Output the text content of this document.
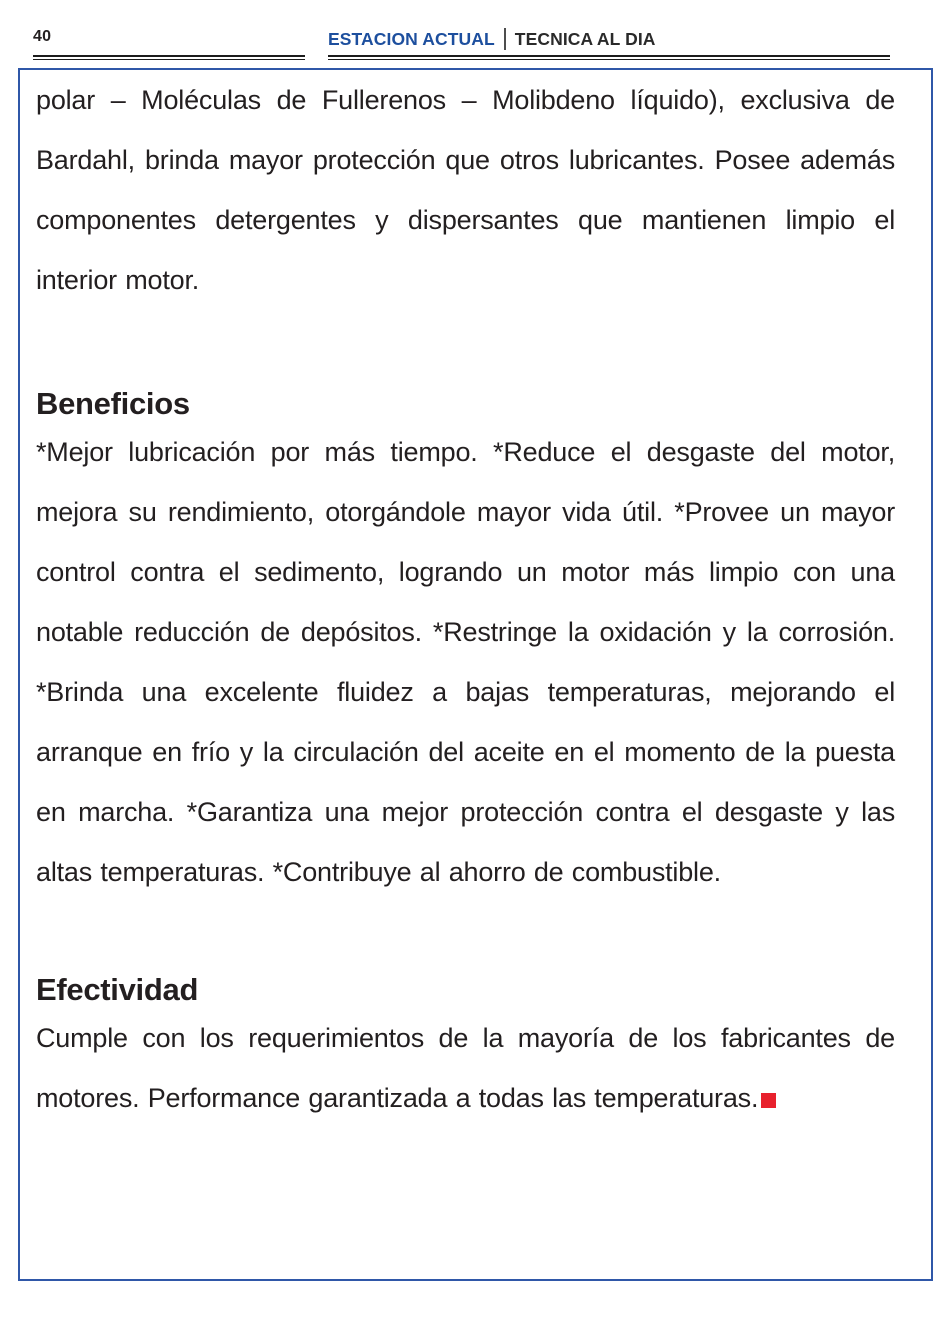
40	ESTACION ACTUAL TECNICA AL DIA

polar – Moléculas de Fullerenos – Molibdeno líquido), exclusiva de Bardahl, brinda mayor protección que otros lubricantes. Posee además componentes detergentes y dispersantes que mantienen limpio el interior motor.

Beneficios

*Mejor lubricación por más tiempo. *Reduce el desgaste del motor, mejora su rendimiento, otorgándole mayor vida útil. *Provee un mayor control contra el sedimento, logrando un motor más limpio con una notable reducción de depósitos. *Restringe la oxidación y la corrosión. *Brinda una excelente fluidez a bajas temperaturas, mejorando el arranque en frío y la circulación del aceite en el momento de la puesta en marcha. *Garantiza una mejor protección contra el desgaste y las altas temperaturas. *Contribuye al ahorro de combustible.

Efectividad

Cumple con los requerimientos de la mayoría de los fabricantes de motores. Performance garantizada a todas las temperaturas.
